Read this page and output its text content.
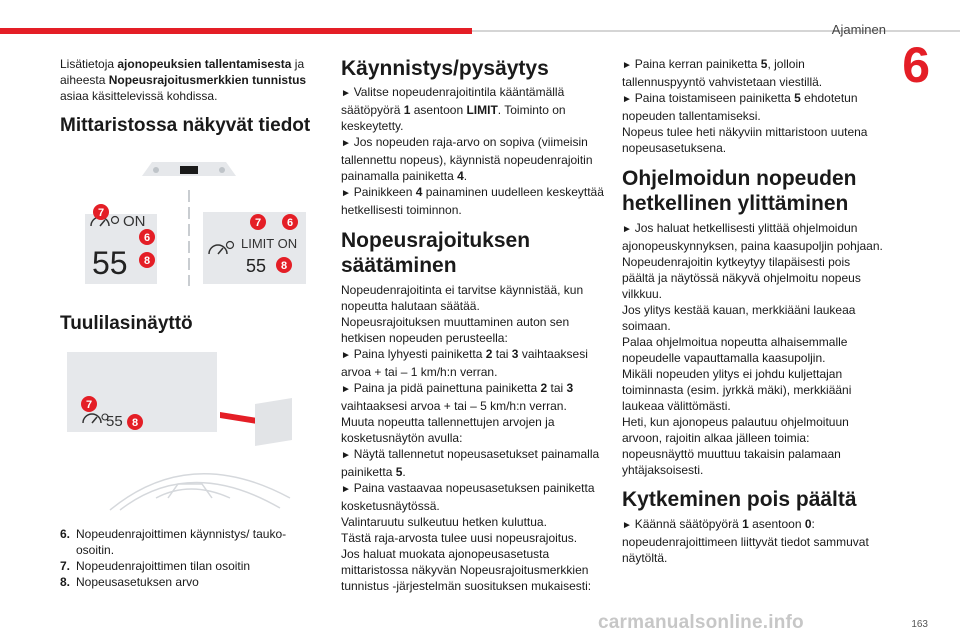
Ajaminen
6

Lisätietoja ajonopeuksien tallentamisesta ja aiheesta Nopeusrajoitusmerkkien tunnistus asiaa käsittelevissä kohdissa.

Mittaristossa näkyvät tiedot
ON
55
7
6
8
LIMIT ON
55
7 6
8
Tuulilasinäyttö
55
7
8
6. Nopeudenrajoittimen käynnistys/ tauko-osoitin.
7. Nopeudenrajoittimen tilan osoitin
8. Nopeusasetuksen arvo
Käynnistys/pysäytys

► Valitse nopeudenrajoitintila kääntämällä säätöpyörä 1 asentoon LIMIT. Toiminto on keskeytetty.

► Jos nopeuden raja-arvo on sopiva (viimeisin tallennettu nopeus), käynnistä nopeudenrajoitin painamalla painiketta 4.

► Painikkeen 4 painaminen uudelleen keskeyttää hetkellisesti toiminnon.

Nopeusrajoituksen säätäminen

Nopeudenrajoitinta ei tarvitse käynnistää, kun nopeutta halutaan säätää.

Nopeusrajoituksen muuttaminen auton sen hetkisen nopeuden perusteella:

► Paina lyhyesti painiketta 2 tai 3 vaihtaaksesi arvoa + tai – 1 km/h:n verran.

► Paina ja pidä painettuna painiketta 2 tai 3 vaihtaaksesi arvoa + tai – 5 km/h:n verran.

Muuta nopeutta tallennettujen arvojen ja kosketusnäytön avulla:

► Näytä tallennetut nopeusasetukset painamalla painiketta 5.

► Paina vastaavaa nopeusasetuksen painiketta kosketusnäytössä.

Valintaruutu sulkeutuu hetken kuluttua.

Tästä raja-arvosta tulee uusi nopeusrajoitus.

Jos haluat muokata ajonopeusasetusta mittaristossa näkyvän Nopeusrajoitusmerkkien tunnistus -järjestelmän suosituksen mukaisesti:

► Paina kerran painiketta 5, jolloin tallennuspyyntö vahvistetaan viestillä.

► Paina toistamiseen painiketta 5 ehdotetun nopeuden tallentamiseksi.

Nopeus tulee heti näkyviin mittaristoon uutena nopeusasetuksena.

Ohjelmoidun nopeuden hetkellinen ylittäminen

► Jos haluat hetkellisesti ylittää ohjelmoidun ajonopeuskynnyksen, paina kaasupoljin pohjaan.

Nopeudenrajoitin kytkeytyy tilapäisesti pois päältä ja näytössä näkyvä ohjelmoitu nopeus vilkkuu.

Jos ylitys kestää kauan, merkkiääni laukeaa soimaan.

Palaa ohjelmoitua nopeutta alhaisemmalle nopeudelle vapauttamalla kaasupoljin.

Mikäli nopeuden ylitys ei johdu kuljettajan toiminnasta (esim. jyrkkä mäki), merkkiääni laukeaa välittömästi.

Heti, kun ajonopeus palautuu ohjelmoituun arvoon, rajoitin alkaa jälleen toimia: nopeusnäyttö muuttuu takaisin palamaan yhtäjaksoisesti.

Kytkeminen pois päältä

► Käännä säätöpyörä 1 asentoon 0:

nopeudenrajoittimeen liittyvät tiedot sammuvat näytöltä.

carmanualsonline.info	163
